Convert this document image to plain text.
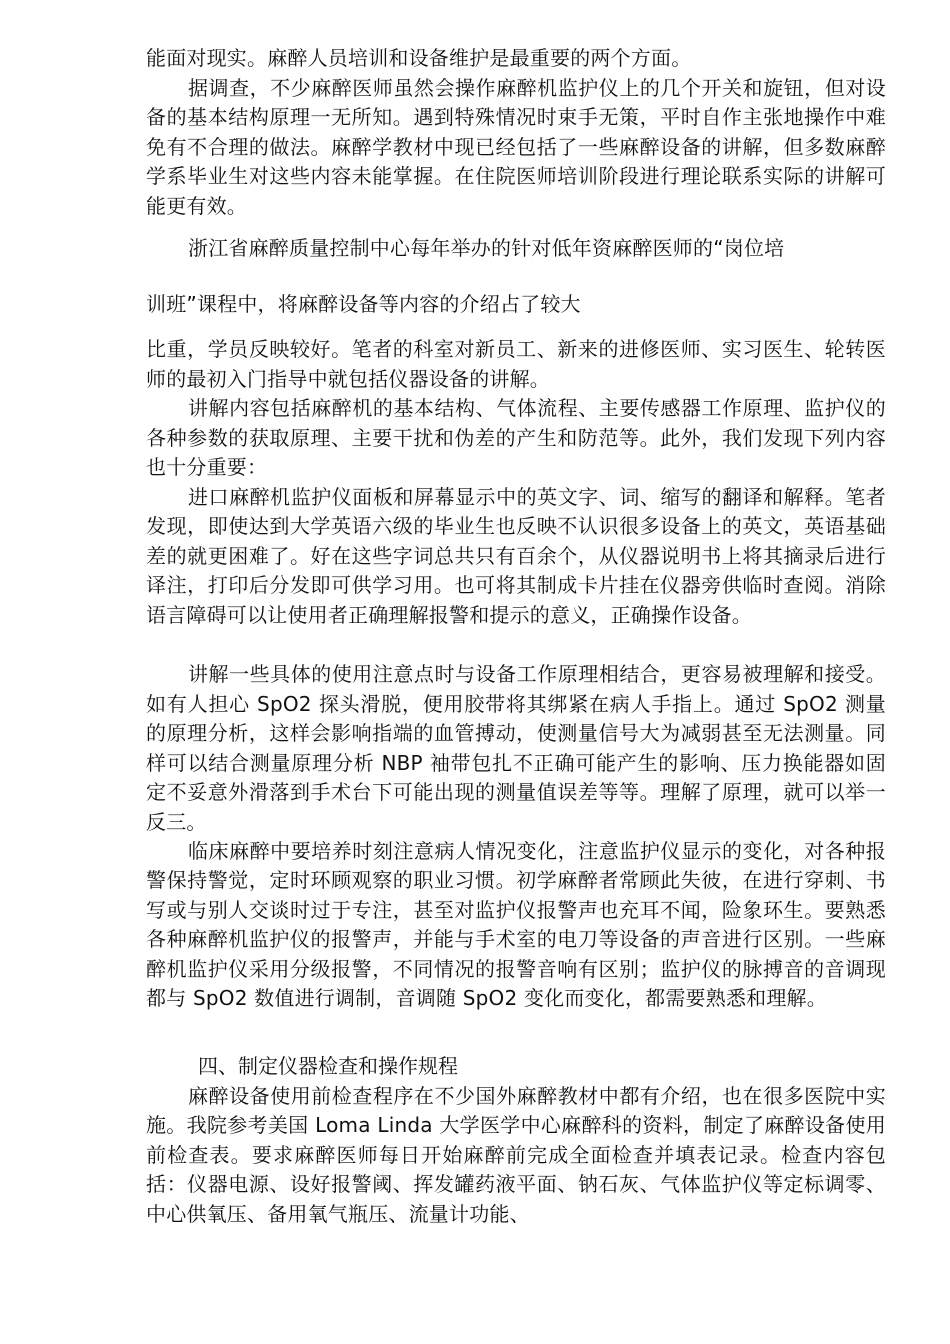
能面对现实。麻醉人员培训和设备维护是最重要的两个方面。

据调查，不少麻醉医师虽然会操作麻醉机监护仪上的几个开关和旋钮，但对设备的基本结构原理一无所知。遇到特殊情况时束手无策，平时自作主张地操作中难免有不合理的做法。麻醉学教材中现已经包括了一些麻醉设备的讲解，但多数麻醉学系毕业生对这些内容未能掌握。在住院医师培训阶段进行理论联系实际的讲解可能更有效。

浙江省麻醉质量控制中心每年举办的针对低年资麻醉医师的“岗位培

训班”课程中，将麻醉设备等内容的介绍占了较大

比重，学员反映较好。笔者的科室对新员工、新来的进修医师、实习医生、轮转医师的最初入门指导中就包括仪器设备的讲解。

讲解内容包括麻醉机的基本结构、气体流程、主要传感器工作原理、监护仪的各种参数的获取原理、主要干扰和伪差的产生和防范等。此外，我们发现下列内容也十分重要：

进口麻醉机监护仪面板和屏幕显示中的英文字、词、缩写的翻译和解释。笔者发现，即使达到大学英语六级的毕业生也反映不认识很多设备上的英文，英语基础差的就更困难了。好在这些字词总共只有百余个，从仪器说明书上将其摘录后进行译注，打印后分发即可供学习用。也可将其制成卡片挂在仪器旁供临时查阅。消除语言障碍可以让使用者正确理解报警和提示的意义，正确操作设备。

讲解一些具体的使用注意点时与设备工作原理相结合，更容易被理解和接受。如有人担心 SpO2 探头滑脱，便用胶带将其绑紧在病人手指上。通过 SpO2 测量的原理分析，这样会影响指端的血管搏动，使测量信号大为减弱甚至无法测量。同样可以结合测量原理分析 NBP 袖带包扎不正确可能产生的影响、压力换能器如固定不妥意外滑落到手术台下可能出现的测量值误差等等。理解了原理，就可以举一反三。

临床麻醉中要培养时刻注意病人情况变化，注意监护仪显示的变化，对各种报警保持警觉，定时环顾观察的职业习惯。初学麻醉者常顾此失彼，在进行穿刺、书写或与别人交谈时过于专注，甚至对监护仪报警声也充耳不闻，险象环生。要熟悉各种麻醉机监护仪的报警声，并能与手术室的电刀等设备的声音进行区别。一些麻醉机监护仪采用分级报警，不同情况的报警音响有区别；监护仪的脉搏音的音调现都与 SpO2 数值进行调制，音调随 SpO2 变化而变化，都需要熟悉和理解。

四、制定仪器检查和操作规程

麻醉设备使用前检查程序在不少国外麻醉教材中都有介绍，也在很多医院中实施。我院参考美国 Loma Linda 大学医学中心麻醉科的资料，制定了麻醉设备使用前检查表。要求麻醉医师每日开始麻醉前完成全面检查并填表记录。检查内容包括：仪器电源、设好报警阈、挥发罐药液平面、钠石灰、气体监护仪等定标调零、中心供氧压、备用氧气瓶压、流量计功能、
